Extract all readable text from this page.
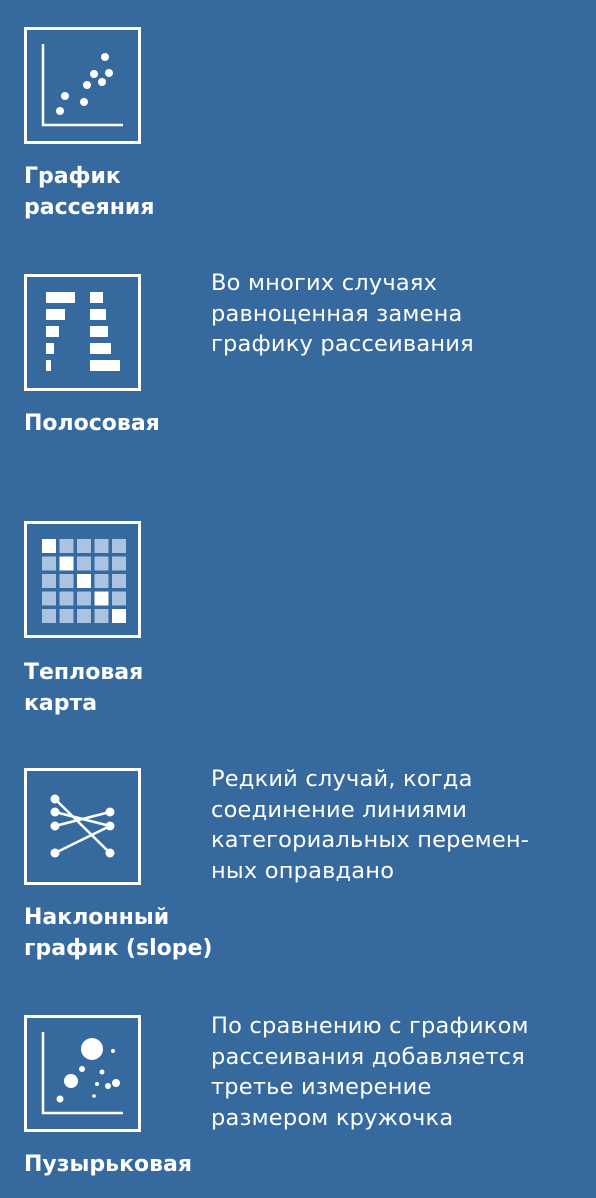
График
рассеяния
Полосовая
Во многих случаях
равноценная замена
графику рассеивания
Тепловая
карта
Наклонный
график (slope)
Редкий случай, когда
соединение линиями
категориальных перемен-
ных оправдано
Пузырьковая
По сравнению с графиком
рассеивания добавляется
третье измерение
размером кружочка
